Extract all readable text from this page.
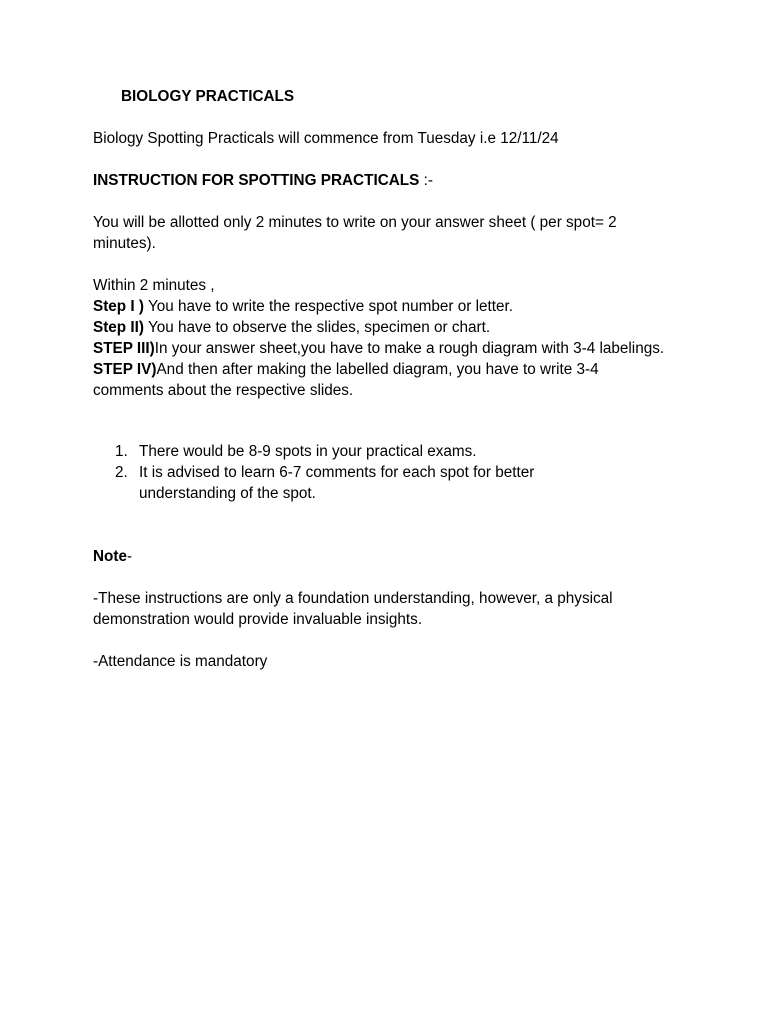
BIOLOGY PRACTICALS

Biology Spotting Practicals will commence from Tuesday i.e 12/11/24

INSTRUCTION FOR SPOTTING PRACTICALS :-

You will be allotted only 2 minutes to write on your answer sheet ( per spot= 2 minutes).

Within 2 minutes ,
Step I ) You have to write the respective spot number or letter.
Step II) You have to observe the slides, specimen or chart.
STEP III)In your answer sheet,you have to make a rough diagram with 3-4 labelings.
STEP IV)And then after making the labelled diagram, you have to write 3-4 comments about the respective slides.
1. There would be 8-9 spots in your practical exams.
2. It is advised to learn 6-7 comments for each spot for better understanding of the spot.

Note-

-These instructions are only a foundation understanding, however, a physical demonstration would provide invaluable insights.

-Attendance is mandatory
